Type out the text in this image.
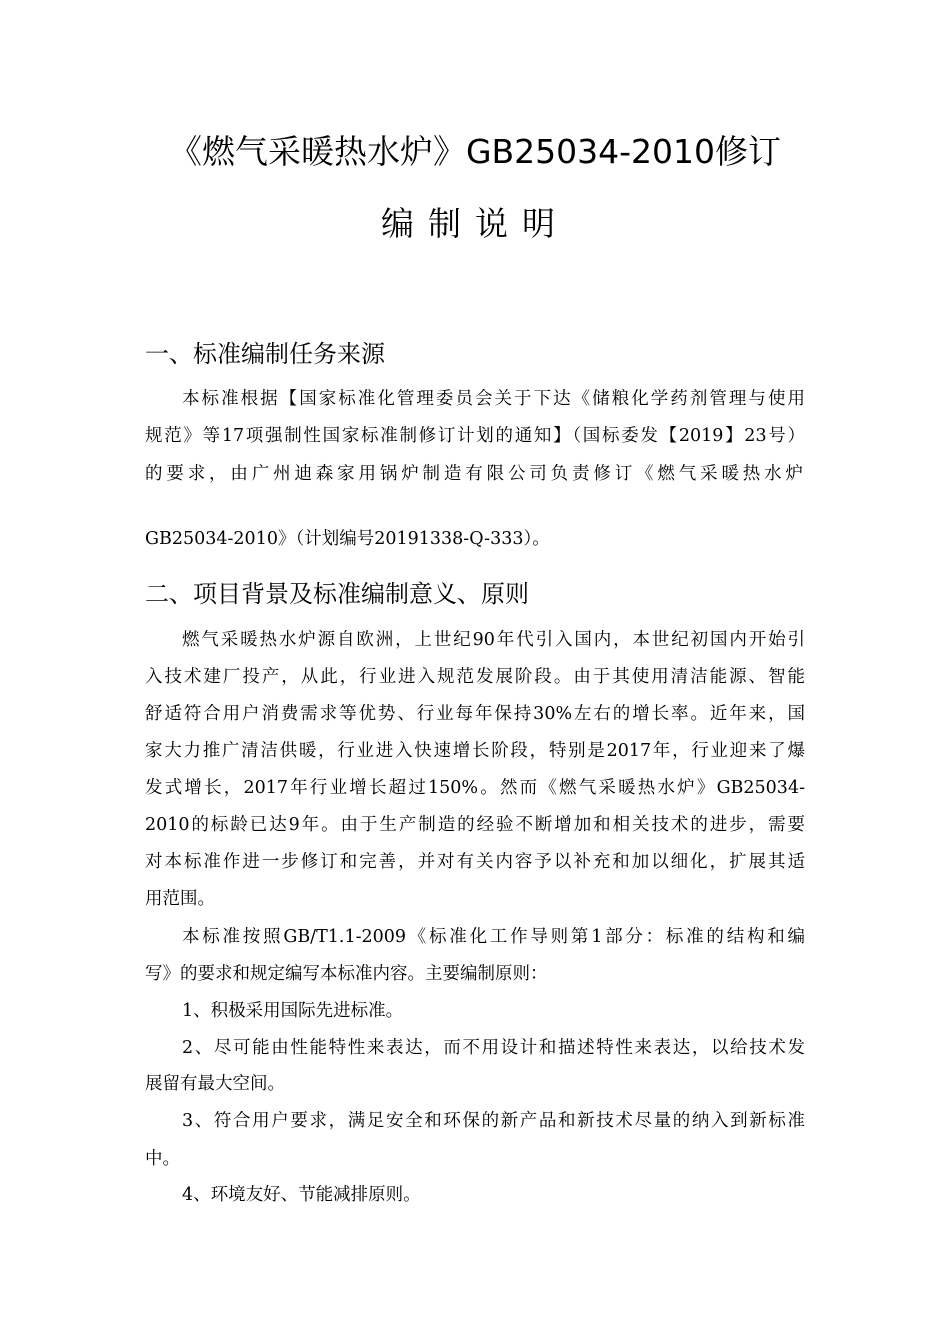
《燃气采暖热水炉》GB25034-2010修订
编制说明
一、标准编制任务来源
本标准根据【国家标准化管理委员会关于下达《储粮化学药剂管理与使用
规范》等17项强制性国家标准制修订计划的通知】（国标委发【2019】23号）
的要求，由广州迪森家用锅炉制造有限公司负责修订《燃气采暖热水炉
GB25034-2010》（计划编号20191338-Q-333）。
二、项目背景及标准编制意义、原则
燃气采暖热水炉源自欧洲，上世纪90年代引入国内，本世纪初国内开始引
入技术建厂投产，从此，行业进入规范发展阶段。由于其使用清洁能源、智能
舒适符合用户消费需求等优势、行业每年保持30%左右的增长率。近年来，国
家大力推广清洁供暖，行业进入快速增长阶段，特别是2017年，行业迎来了爆
发式增长，2017年行业增长超过150%。然而《燃气采暖热水炉》GB25034-
2010的标龄已达9年。由于生产制造的经验不断增加和相关技术的进步，需要
对本标准作进一步修订和完善，并对有关内容予以补充和加以细化，扩展其适
用范围。
本标准按照GB/T1.1-2009《标准化工作导则第1部分：标准的结构和编
写》的要求和规定编写本标准内容。主要编制原则：
1、积极采用国际先进标准。
2、尽可能由性能特性来表达，而不用设计和描述特性来表达，以给技术发
展留有最大空间。
3、符合用户要求，满足安全和环保的新产品和新技术尽量的纳入到新标准
中。
4、环境友好、节能减排原则。
